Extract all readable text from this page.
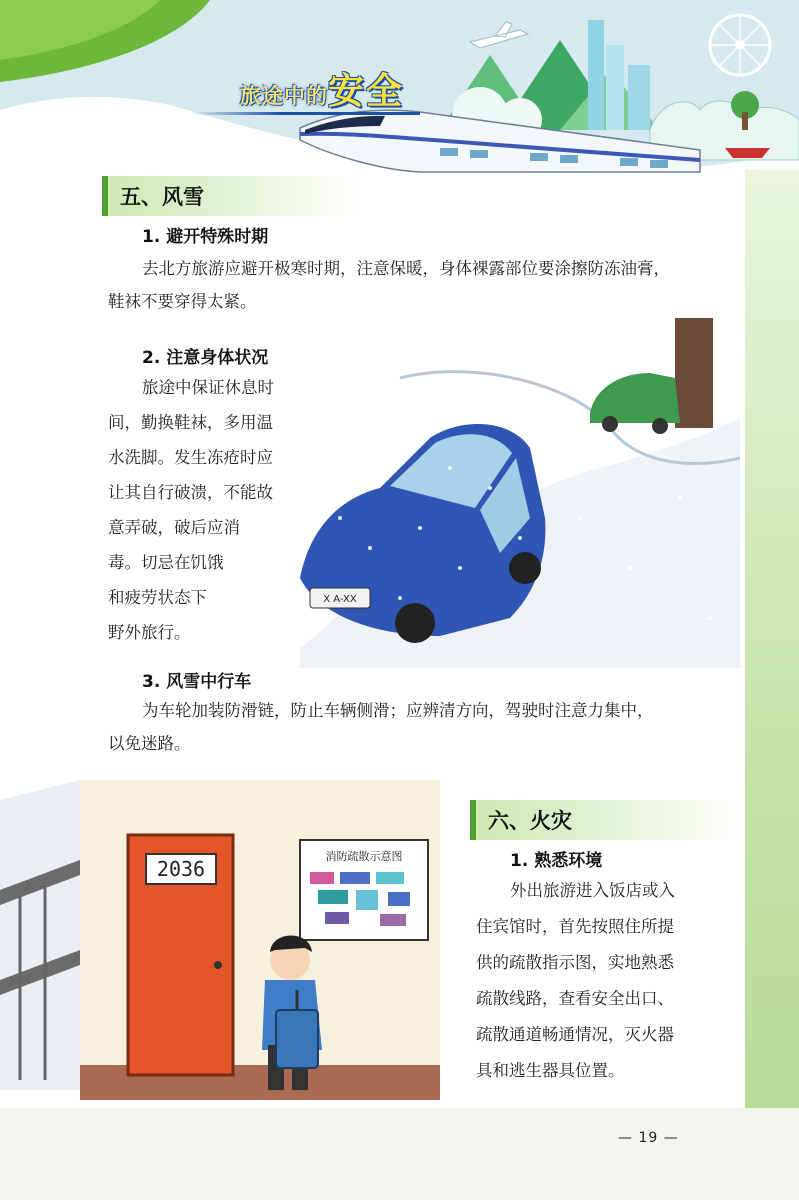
旅途中的 安全
五、风雪
1. 避开特殊时期
去北方旅游应避开极寒时期，注意保暖，身体裸露部位要涂擦防冻油膏，
鞋袜不要穿得太紧。
2. 注意身体状况
旅途中保证休息时
间，勤换鞋袜，多用温
水洗脚。发生冻疮时应
让其自行破溃，不能故
意弄破，破后应消
毒。切忌在饥饿
和疲劳状态下
野外旅行。
X A-XX
3. 风雪中行车
为车轮加装防滑链，防止车辆侧滑；应辨清方向，驾驶时注意力集中，
以免迷路。
2036
消防疏散示意图
六、火灾
1. 熟悉环境
外出旅游进入饭店或入
住宾馆时，首先按照住所提
供的疏散指示图，实地熟悉
疏散线路，查看安全出口、
疏散通道畅通情况，灭火器
具和逃生器具位置。
— 19 —
